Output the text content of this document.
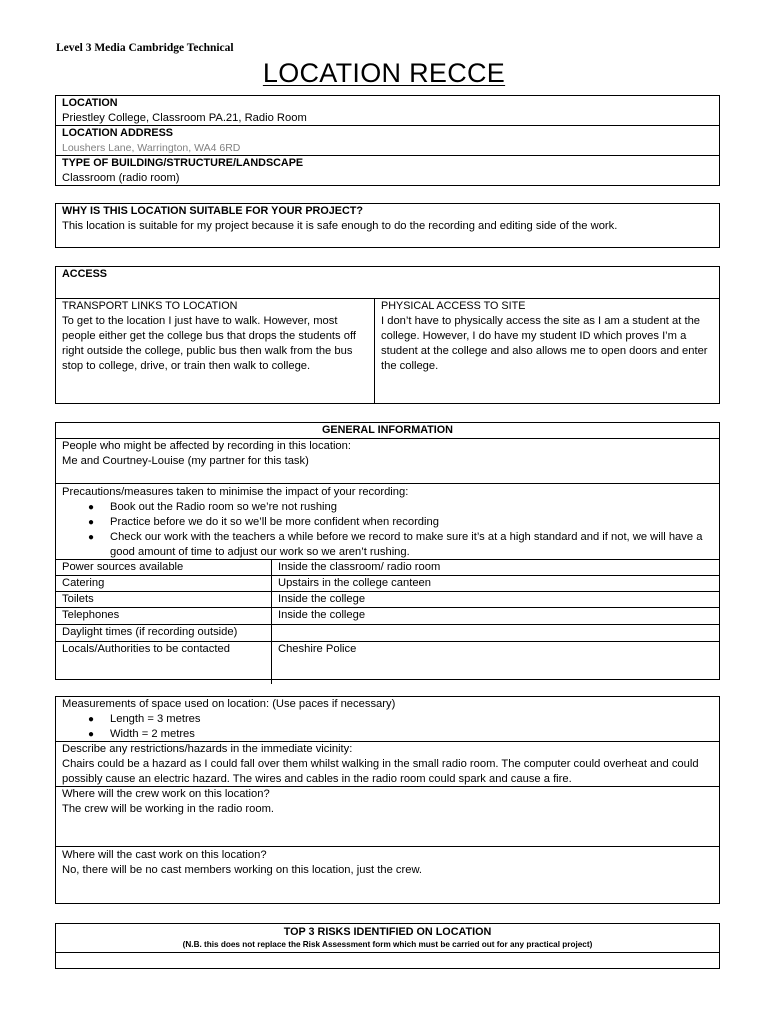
Level 3 Media Cambridge Technical
LOCATION RECCE
LOCATION
Priestley College, Classroom PA.21, Radio Room
LOCATION ADDRESS
Loushers Lane, Warrington, WA4 6RD
TYPE OF BUILDING/STRUCTURE/LANDSCAPE
Classroom (radio room)
WHY IS THIS LOCATION SUITABLE FOR YOUR PROJECT?
This location is suitable for my project because it is safe enough to do the recording and editing side of the work.
ACCESS
TRANSPORT LINKS TO LOCATION
To get to the location I just have to walk. However, most people either get the college bus that drops the students off right outside the college, public bus then walk from the bus stop to college, drive, or train then walk to college.
PHYSICAL ACCESS TO SITE
I don’t have to physically access the site as I am a student at the college. However, I do have my student ID which proves I’m a student at the college and also allows me to open doors and enter the college.
GENERAL INFORMATION
People who might be affected by recording in this location:
Me and Courtney-Louise (my partner for this task)
Precautions/measures taken to minimise the impact of your recording:
● Book out the Radio room so we’re not rushing
● Practice before we do it so we’ll be more confident when recording
● Check our work with the teachers a while before we record to make sure it’s at a high standard and if not, we will have a good amount of time to adjust our work so we aren’t rushing.
Power sources available	Inside the classroom/ radio room
Catering	Upstairs in the college canteen
Toilets	Inside the college
Telephones	Inside the college
Daylight times (if recording outside)
Locals/Authorities to be contacted	Cheshire Police
Measurements of space used on location: (Use paces if necessary)
● Length = 3 metres
● Width = 2 metres
Describe any restrictions/hazards in the immediate vicinity:
Chairs could be a hazard as I could fall over them whilst walking in the small radio room. The computer could overheat and could possibly cause an electric hazard. The wires and cables in the radio room could spark and cause a fire.
Where will the crew work on this location?
The crew will be working in the radio room.
Where will the cast work on this location?
No, there will be no cast members working on this location, just the crew.
TOP 3 RISKS IDENTIFIED ON LOCATION
(N.B. this does not replace the Risk Assessment form which must be carried out for any practical project)
